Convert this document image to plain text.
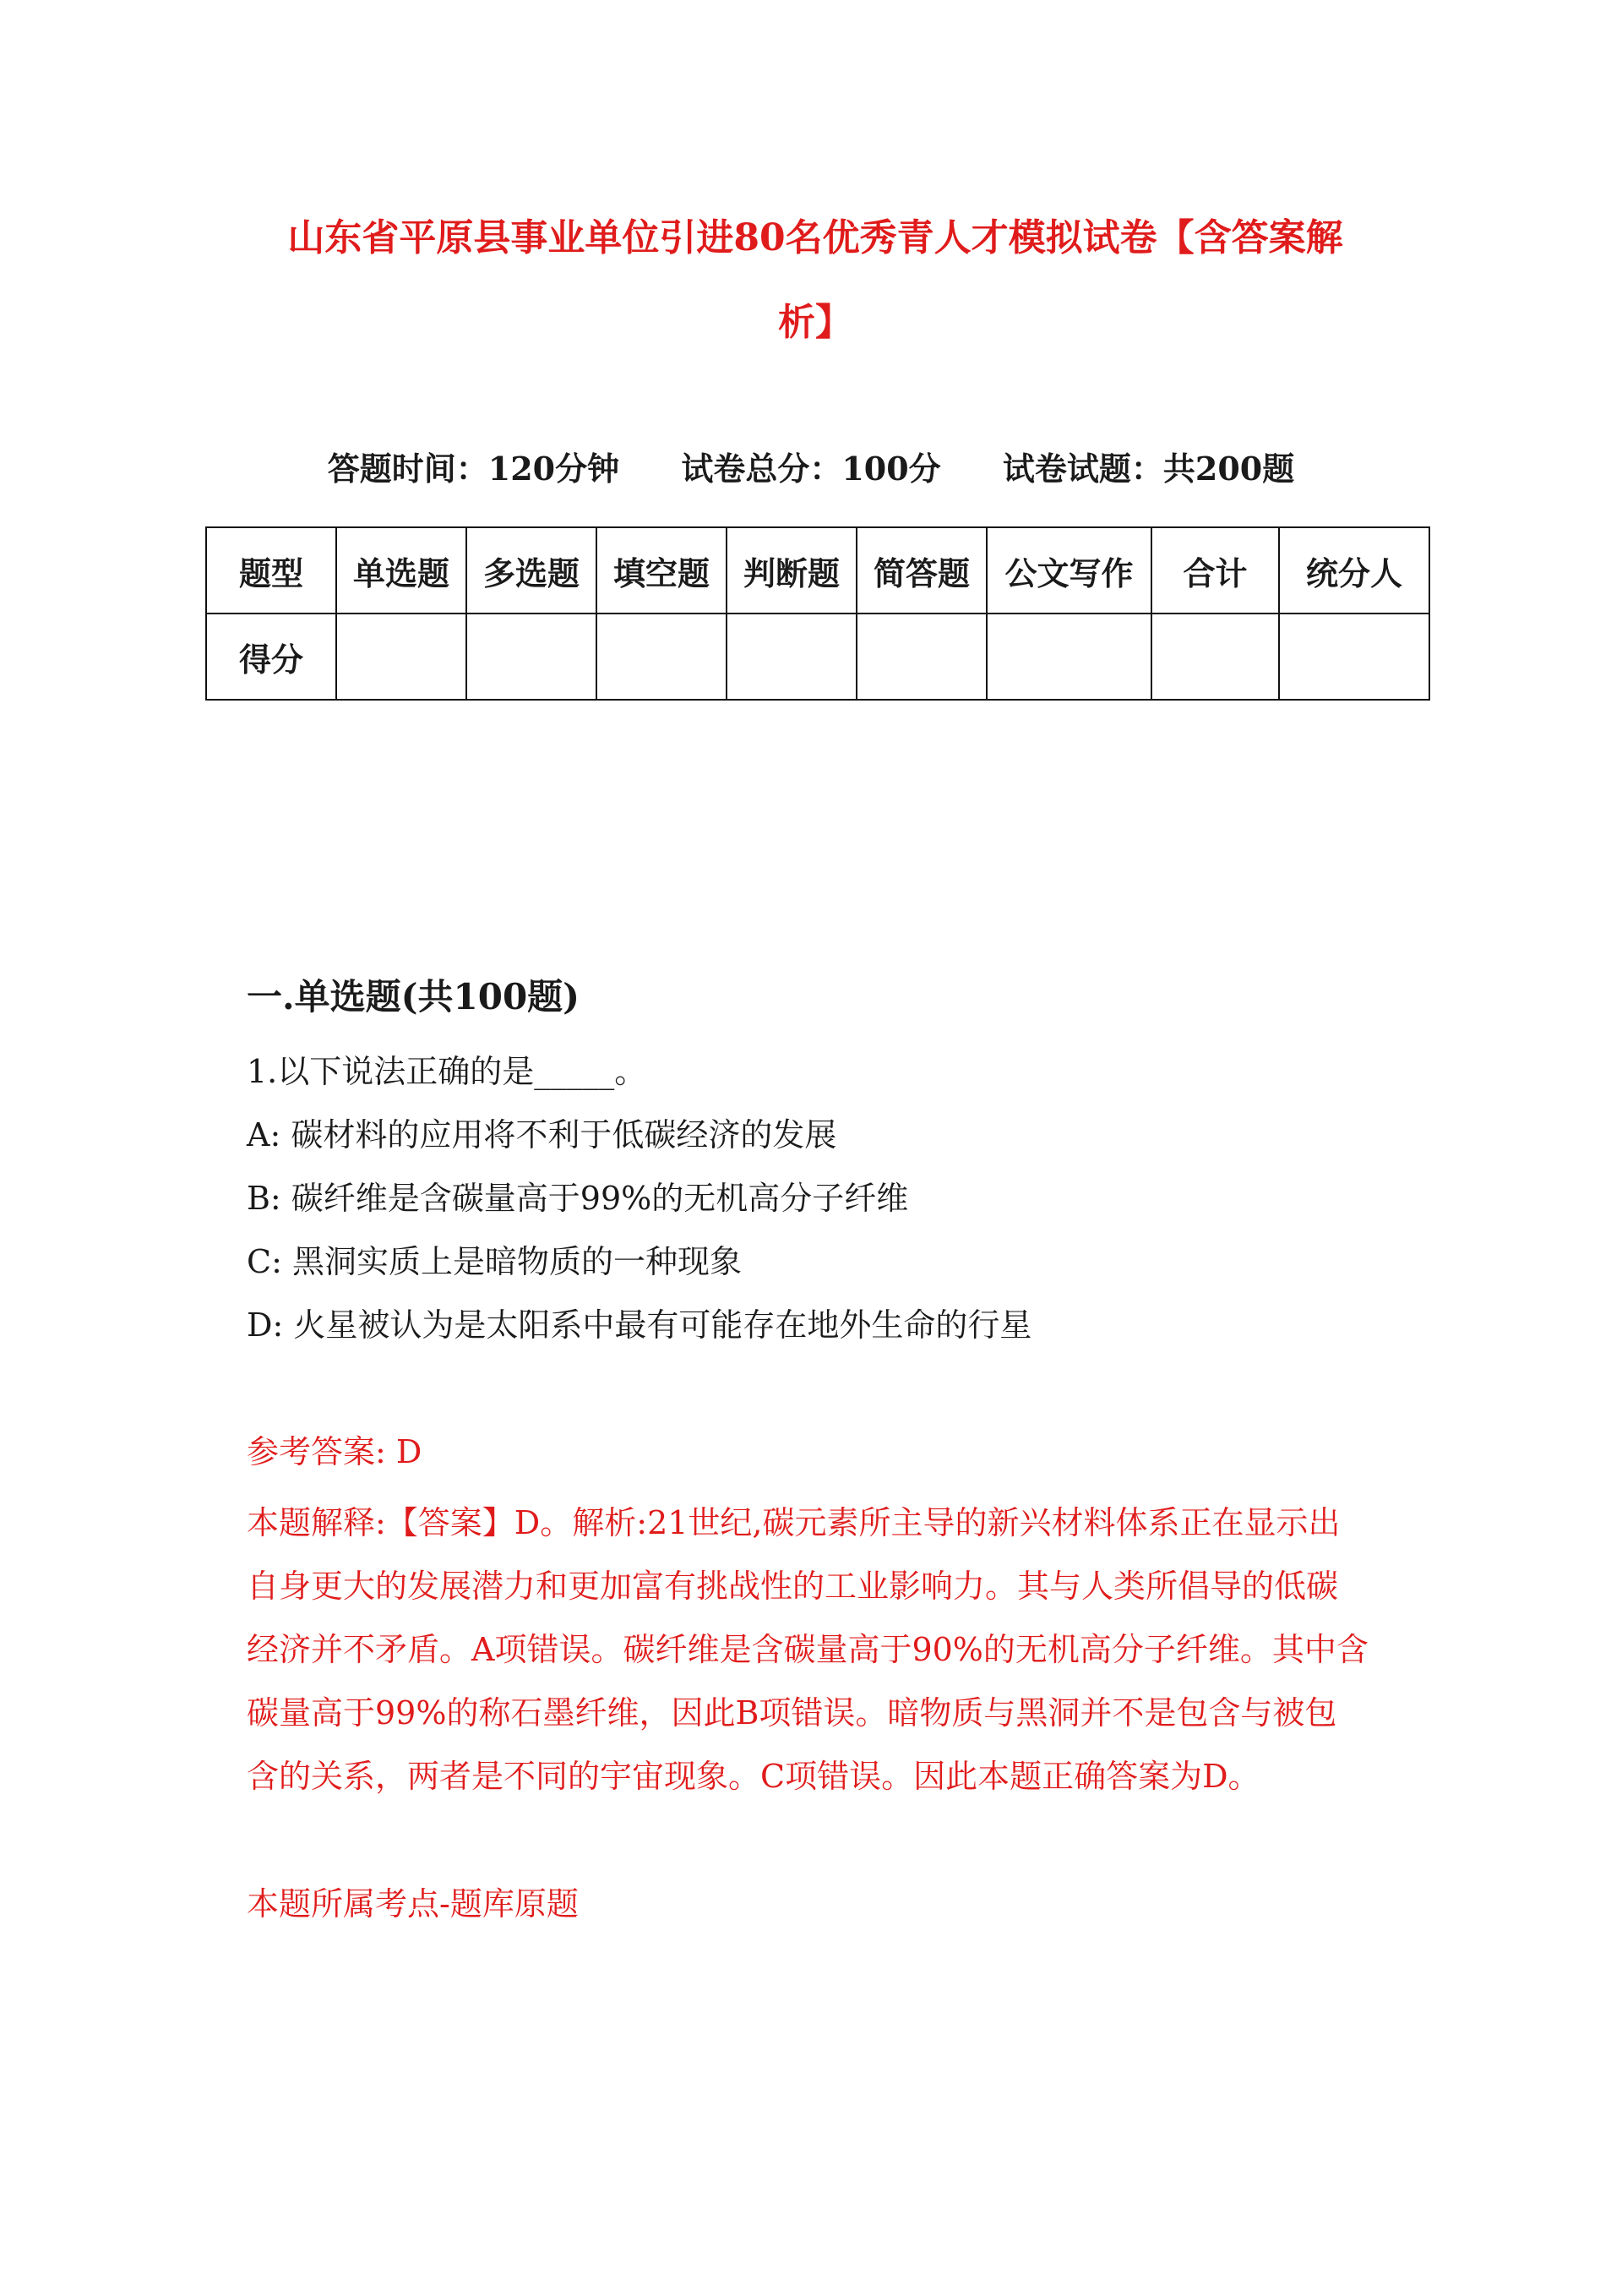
山东省平原县事业单位引进80名优秀青人才模拟试卷【含答案解
析】
答题时间：120分钟 试卷总分：100分 试卷试题：共200题
题型	单选题	多选题	填空题	判断题	简答题	公文写作	合计	统分人
得分								
一.单选题(共100题)
1.以下说法正确的是_____。
A: 碳材料的应用将不利于低碳经济的发展
B: 碳纤维是含碳量高于99%的无机高分子纤维
C: 黑洞实质上是暗物质的一种现象
D: 火星被认为是太阳系中最有可能存在地外生命的行星
参考答案: D
本题解释:【答案】D。解析:21世纪,碳元素所主导的新兴材料体系正在显示出
自身更大的发展潜力和更加富有挑战性的工业影响力。其与人类所倡导的低碳
经济并不矛盾。A项错误。碳纤维是含碳量高于90%的无机高分子纤维。其中含
碳量高于99%的称石墨纤维，因此B项错误。暗物质与黑洞并不是包含与被包
含的关系，两者是不同的宇宙现象。C项错误。因此本题正确答案为D。
本题所属考点-题库原题
